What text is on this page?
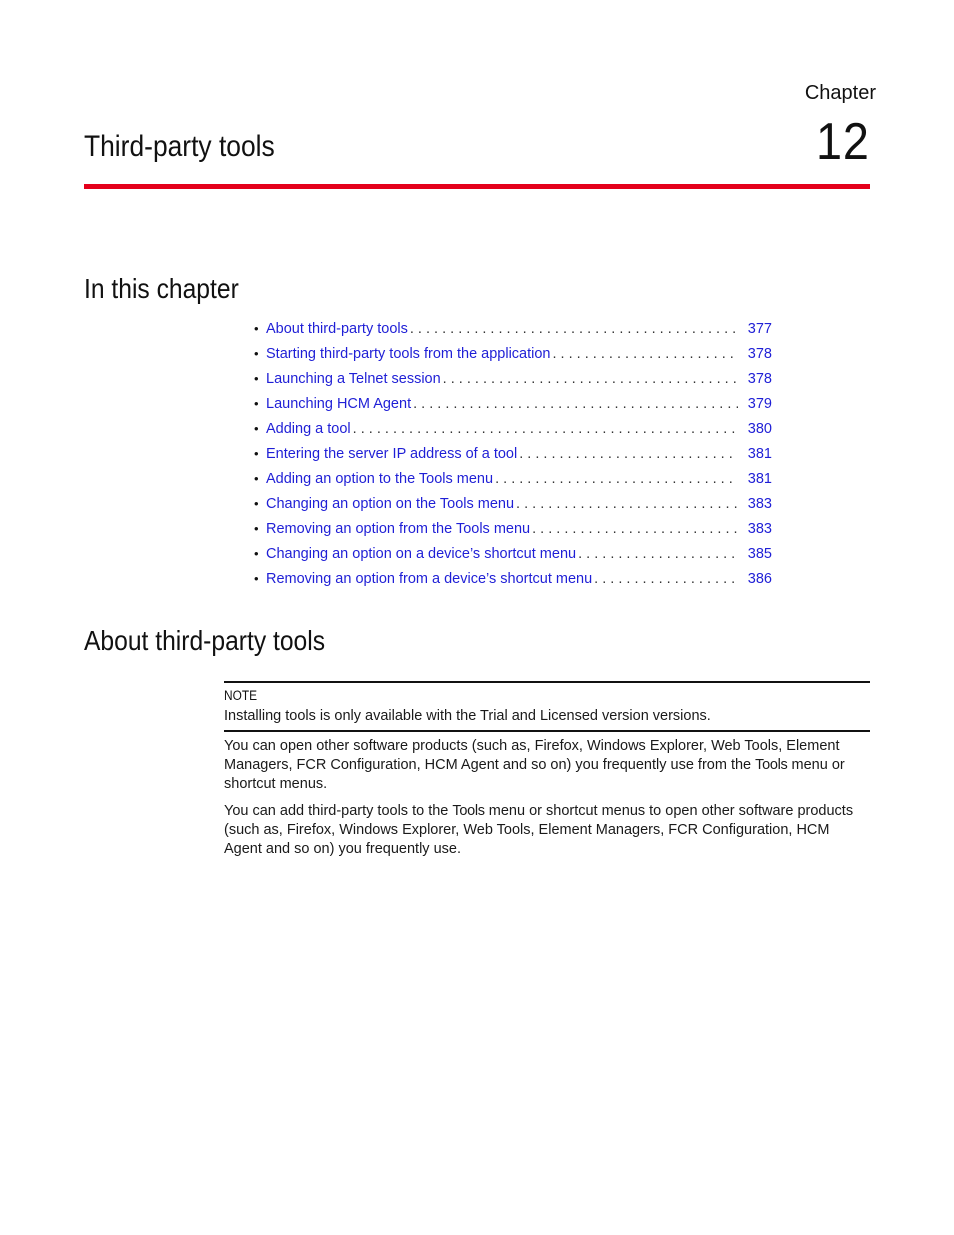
Chapter
12
Third-party tools
In this chapter
• About third-party tools . . .	377
• Starting third-party tools from the application . . .	378
• Launching a Telnet session . . .	378
• Launching HCM Agent . . .	379
• Adding a tool . . .	380
• Entering the server IP address of a tool . . .	381
• Adding an option to the Tools menu . . .	381
• Changing an option on the Tools menu . . .	383
• Removing an option from the Tools menu . . .	383
• Changing an option on a device’s shortcut menu . . .	385
• Removing an option from a device’s shortcut menu . . .	386
About third-party tools
NOTE
Installing tools is only available with the Trial and Licensed version versions.

You can open other software products (such as, Firefox, Windows Explorer, Web Tools, Element Managers, FCR Configuration, HCM Agent and so on) you frequently use from the Tools menu or shortcut menus.

You can add third-party tools to the Tools menu or shortcut menus to open other software products (such as, Firefox, Windows Explorer, Web Tools, Element Managers, FCR Configuration, HCM Agent and so on) you frequently use.
